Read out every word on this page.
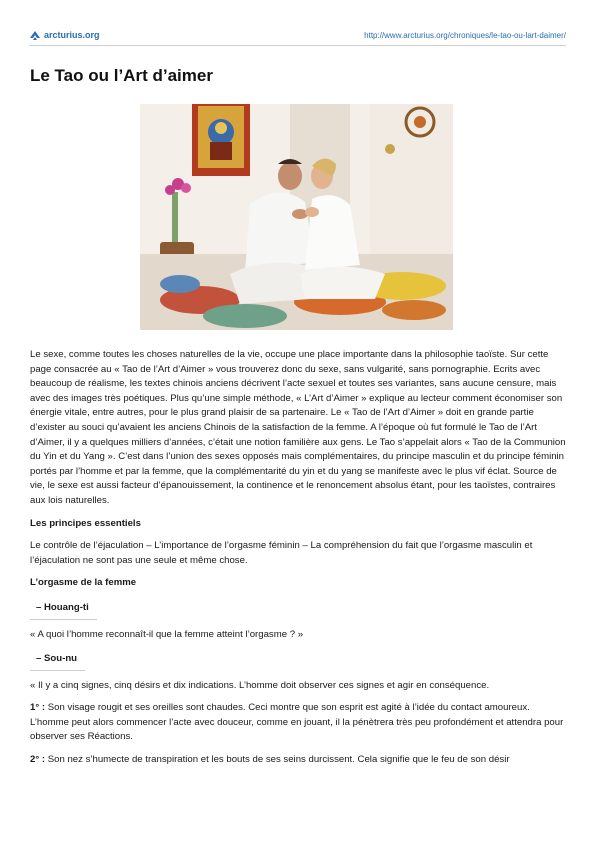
arcturius.org	http://www.arcturius.org/chroniques/le-tao-ou-lart-daimer/
Le Tao ou l’Art d’aimer

Le sexe, comme toutes les choses naturelles de la vie, occupe une place importante dans la philosophie taoïste. Sur cette page consacrée au « Tao de l’Art d’Aimer » vous trouverez donc du sexe, sans vulgarité, sans pornographie. Ecrits avec beaucoup de réalisme, les textes chinois anciens décrivent l’acte sexuel et toutes ses variantes, sans aucune censure, mais avec des images très poétiques. Plus qu’une simple méthode, « L’Art d’Aimer » explique au lecteur comment économiser son énergie vitale, entre autres, pour le plus grand plaisir de sa partenaire. Le « Tao de l’Art d’Aimer » doit en grande partie d’exister au souci qu’avaient les anciens Chinois de la satisfaction de la femme. A l’époque où fut formulé le Tao de l’Art d’Aimer, il y a quelques milliers d’années, c’était une notion familière aux gens. Le Tao s’appelait alors « Tao de la Communion du Yin et du Yang ». C’est dans l’union des sexes opposés mais complémentaires, du principe masculin et du principe féminin portés par l’homme et par la femme, que la complémentarité du yin et du yang se manifeste avec le plus vif éclat. Source de vie, le sexe est aussi facteur d’épanouissement, la continence et le renoncement absolus étant, pour les taoïstes, contraires aux lois naturelles.

Les principes essentiels

Le contrôle de l’éjaculation – L’importance de l’orgasme féminin – La compréhension du fait que l’orgasme masculin et l’éjaculation ne sont pas une seule et même chose.

L’orgasme de la femme
– Houang-ti

« A quoi l’homme reconnaît-il que la femme atteint l’orgasme ? »

– Sou-nu

« Il y a cinq signes, cinq désirs et dix indications. L’homme doit observer ces signes et agir en conséquence.

1° : Son visage rougit et ses oreilles sont chaudes. Ceci montre que son esprit est agité à l’idée du contact amoureux. L’homme peut alors commencer l’acte avec douceur, comme en jouant, il la pénètrera très peu profondément et attendra pour observer ses Réactions.

2° : Son nez s’humecte de transpiration et les bouts de ses seins durcissent. Cela signifie que le feu de son désir
